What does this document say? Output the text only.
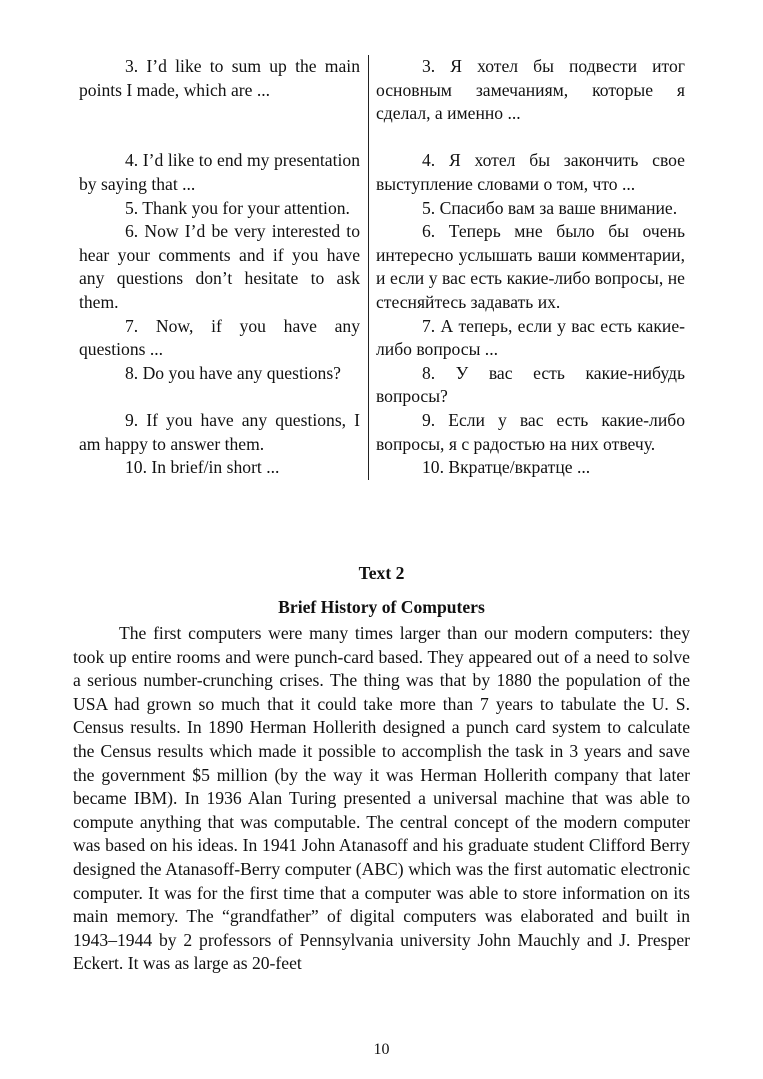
3. I’d like to sum up the main points I made, which are ...
3. Я хотел бы подвести итог основным замечаниям, которые я сделал, а именно ...
4. I’d like to end my presentation by saying that ...
4. Я хотел бы закончить свое выступление словами о том, что ...
5. Thank you for your attention.	5. Спасибо вам за ваше внимание.
6. Now I’d be very interested to hear your comments and if you have any questions don’t hesitate to ask them.
6. Теперь мне было бы очень интересно услышать ваши комментарии, и если у вас есть какие-либо вопросы, не стесняйтесь задавать их.
7. Now, if you have any questions ...
7. А теперь, если у вас есть какие-либо вопросы ...
8. Do you have any questions?	8. У вас есть какие-нибудь вопросы?
9. If you have any questions, I am happy to answer them.
9. Если у вас есть какие-либо вопросы, я с радостью на них отвечу.
10. In brief/in short ...	10. Вкратце/вкратце ...
Text 2
Brief History of Computers

The first computers were many times larger than our modern computers: they took up entire rooms and were punch-card based. They appeared out of a need to solve a serious number-crunching crises. The thing was that by 1880 the population of the USA had grown so much that it could take more than 7 years to tabulate the U. S. Census results. In 1890 Herman Hollerith designed a punch card system to calculate the Census results which made it possible to accomplish the task in 3 years and save the government $5 million (by the way it was Herman Hollerith company that later became IBM). In 1936 Alan Turing presented a universal machine that was able to compute anything that was computable. The central concept of the modern computer was based on his ideas. In 1941 John Atanasoff and his graduate student Clifford Berry designed the Atanasoff-Berry computer (ABC) which was the first automatic electronic computer. It was for the first time that a computer was able to store information on its main memory. The “grandfather” of digital computers was elaborated and built in 1943–1944 by 2 professors of Pennsylvania university John Mauchly and J. Presper Eckert. It was as large as 20-feet

10
